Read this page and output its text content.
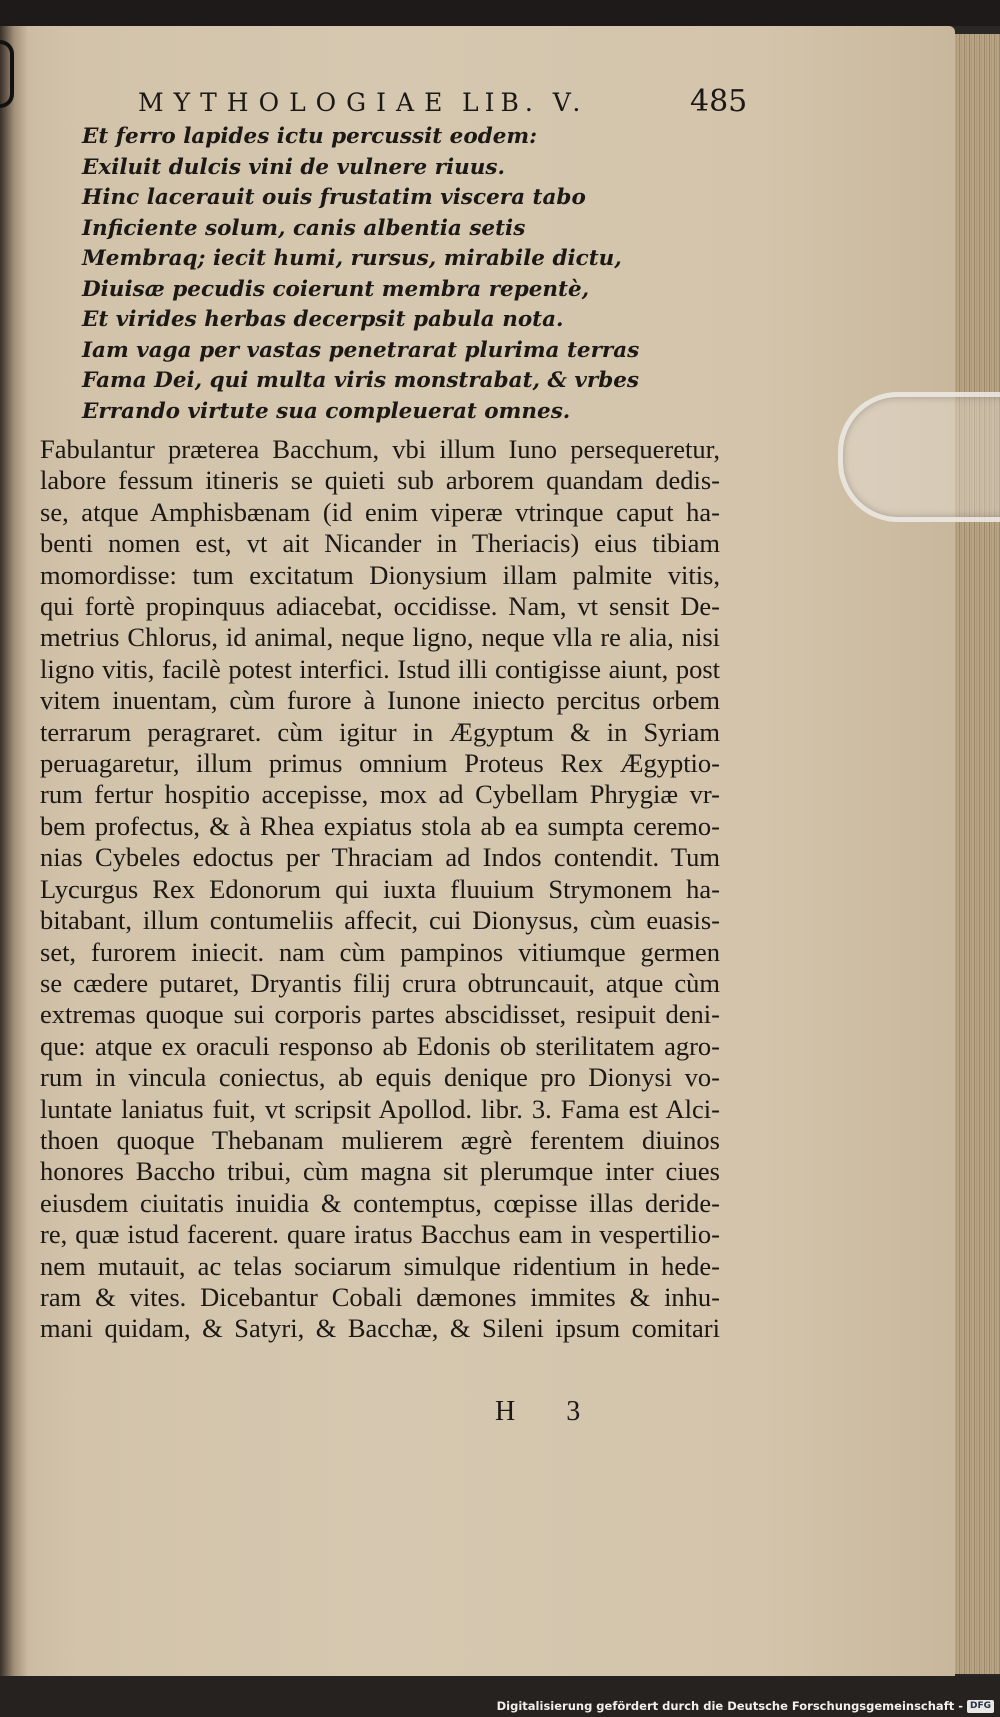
MYTHOLOGIAE LIB. V.	485
Et ferro lapides ictu percussit eodem:
Exiluit dulcis vini de vulnere riuus.
Hinc lacerauit ouis frustatim viscera tabo
Inficiente solum, canis albentia setis
Membraq; iecit humi, rursus, mirabile dictu,
Diuisæ pecudis coierunt membra repentè,
Et virides herbas decerpsit pabula nota.
Iam vaga per vastas penetrarat plurima terras
Fama Dei, qui multa viris monstrabat, & vrbes
Errando virtute sua compleuerat omnes.
Fabulantur præterea Bacchum, vbi illum Iuno persequeretur,
labore fessum itineris se quieti sub arborem quandam dedis-
se, atque Amphisbænam (id enim viperæ vtrinque caput ha-
benti nomen est, vt ait Nicander in Theriacis) eius tibiam
momordisse: tum excitatum Dionysium illam palmite vitis,
qui fortè propinquus adiacebat, occidisse. Nam, vt sensit De-
metrius Chlorus, id animal, neque ligno, neque vlla re alia, nisi
ligno vitis, facilè potest interfici. Istud illi contigisse aiunt, post
vitem inuentam, cùm furore à Iunone iniecto percitus orbem
terrarum peragraret. cùm igitur in Ægyptum & in Syriam
peruagaretur, illum primus omnium Proteus Rex Ægyptio-
rum fertur hospitio accepisse, mox ad Cybellam Phrygiæ vr-
bem profectus, & à Rhea expiatus stola ab ea sumpta ceremo-
nias Cybeles edoctus per Thraciam ad Indos contendit. Tum
Lycurgus Rex Edonorum qui iuxta fluuium Strymonem ha-
bitabant, illum contumeliis affecit, cui Dionysus, cùm euasis-
set, furorem iniecit. nam cùm pampinos vitiumque germen
se cædere putaret, Dryantis filij crura obtruncauit, atque cùm
extremas quoque sui corporis partes abscidisset, resipuit deni-
que: atque ex oraculi responso ab Edonis ob sterilitatem agro-
rum in vincula coniectus, ab equis denique pro Dionysi vo-
luntate laniatus fuit, vt scripsit Apollod. libr. 3. Fama est Alci-
thoen quoque Thebanam mulierem ægrè ferentem diuinos
honores Baccho tribui, cùm magna sit plerumque inter ciues
eiusdem ciuitatis inuidia & contemptus, cœpisse illas deride-
re, quæ istud facerent. quare iratus Bacchus eam in vespertilio-
nem mutauit, ac telas sociarum simulque ridentium in hede-
ram & vites. Dicebantur Cobali dæmones immites & inhu-
mani quidam, & Satyri, & Bacchæ, & Sileni ipsum comitari
H 3
Digitalisierung gefördert durch die Deutsche Forschungsgemeinschaft - DFG
